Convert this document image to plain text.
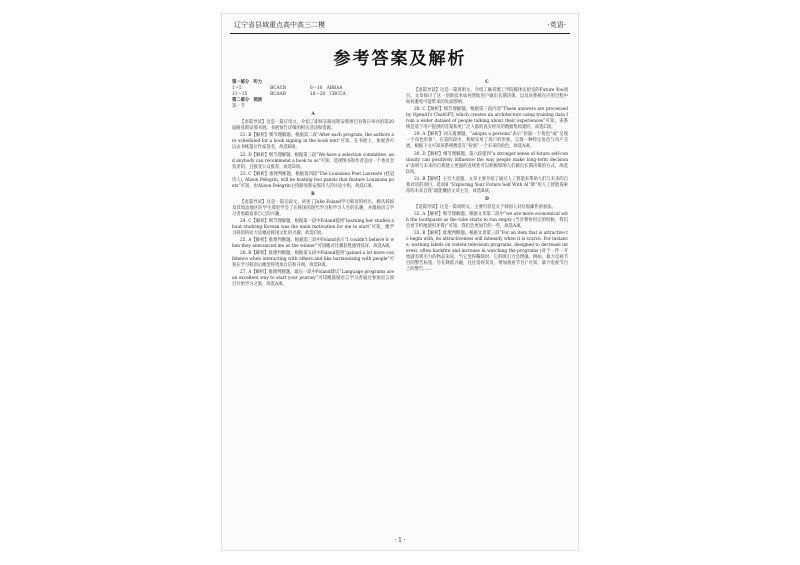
辽宁省县域重点高中高三二模	·英语·
参考答案及解析
第一部分　听力
1～5	BCACB	6～10　ABBAA
11～15	BCAAB	16～20　CBCCA
第二部分　阅读
第一节
A

【语篇导读】这是一篇应用文。介绍了即将在路易斯安那州巴吞鲁日举办的第20届路易斯安那书展。书展预告详细的相关活动和资源。

21. B【解析】细节理解题。根据第二段“After each program, the authors are scheduled for a book signing in the book tent”可知，在书展上，参观者可以去书帐篷让作家签名，故选B项。

22. D【解析】细节理解题。根据第三段“We have a selection committee, and anybody can recommend a book to us”可知，选择图书和作者是由一个委员会负责的，且接受公众推荐，故选D项。

23. C【解析】推理判断题。根据第四段“The Louisiana Poet Laureate (桂冠诗人), Alison Pelegrin, will be hosting two panels that feature Louisiana poets”可知，由Alison Pelegrin主持路易斯安那诗人的讨论小组，故选C项。

B

【语篇导读】这是一篇记叙文。讲述了Julie Foland学习韩语的经历，她从韩国及其周边地区的学生那里学会了在韩国的现代学习和学习人生的乐趣，并激励语言学习者勇敢追求自己的兴趣。

24. C【解析】细节理解题。根据第一段中Foland提到“learning her studies about studying Korean was the main motivation for me to start”可知，她学习韩语的动力是她对韩国文化的兴趣，故选C项。

25. A【解析】推理判断题。根据第三段中Foland表示“I couldn't believe it when they announced me as the winner”可知她对比赛获胜感到惊讶，故选A项。

26. B【解析】推理判断题。根据第五段中Foland提到“gained a lot more confidence when interacting with others and like harmonizing with people”可知在学习韩语后她变得更加自信和开朗，故选B项。

27. A【解析】推理判断题。最后一段中Foland建议“Language programs are an excellent way to start your journey”可知她鼓励语言学习者通过参加语言项目开始学习之旅，故选A项。

C

【语篇导读】这是一篇说明文。介绍了麻省理工学院媒体实验室的Future You项目。文章探讨了这一创新技术如何帮助用户做出长期决策，以及该系统在应用过程中如何避免可能带来的负面影响。

28. C【解析】细节理解题。根据第三段内容“These answers are processed by OpenAI's ChatGPT, which creates an architecture using training data from a wider dataset of people talking about their experiences”可知，该系统是基于用户提供的答案和更广泛人群的真实经历的数据集构建的，故选C项。

29. A【解析】词义猜测题。“adopts a persona”表示“扮演一个角色”或“呈现一个角色形象”。在第四段中，系统采用了用户的形象，呈现一种特定角色与用户交流，根据下文可知该系统像是在“扮演”一个未来的角色，故选A项。

30. D【解析】细节理解题。第六段提到“a stronger sense of future self-continuity can positively influence the way people make long-term decisions”表明与未来的自我建立更强的连续性可以积极影响人们做出长期决策的方式，故选D项。

31. B【解析】主旨大意题。文章主要介绍了通过人工智能来帮助人们与未来的自我对话的项目，选项B “Exploring Your Future Self With AI”即“用人工智能探索你的未来自我”最能概括文章主旨，故选B项。

D

【语篇导读】这是一篇说明文。主要内容是关于韩国人对垃圾邮件的看法。

32. A【解析】细节理解题。根据文章第二段中“we are more economical with the toothpaste as the tube starts to run empty (当牙膏快用完的时候，我们会更节约地使用牙膏)”可知，我们会更加节约一些，故选A项。

33. B【解析】推理判断题。根据文章第三段“For an item that is attractive to begin with, its attractiveness will intensify when it is scarce. For instance, warning labels on violent television programs, designed to decrease interest, often backfire and increase in watching the programs (对于一件一开始就有吸引力的物品来说，当它变得稀缺时，它的吸引力会增强。例如，暴力电视节目的警告标签，旨在降低兴趣，往往适得其反，增加观看节目)”可知，暴力电视节目上的警告……

· 1 ·
